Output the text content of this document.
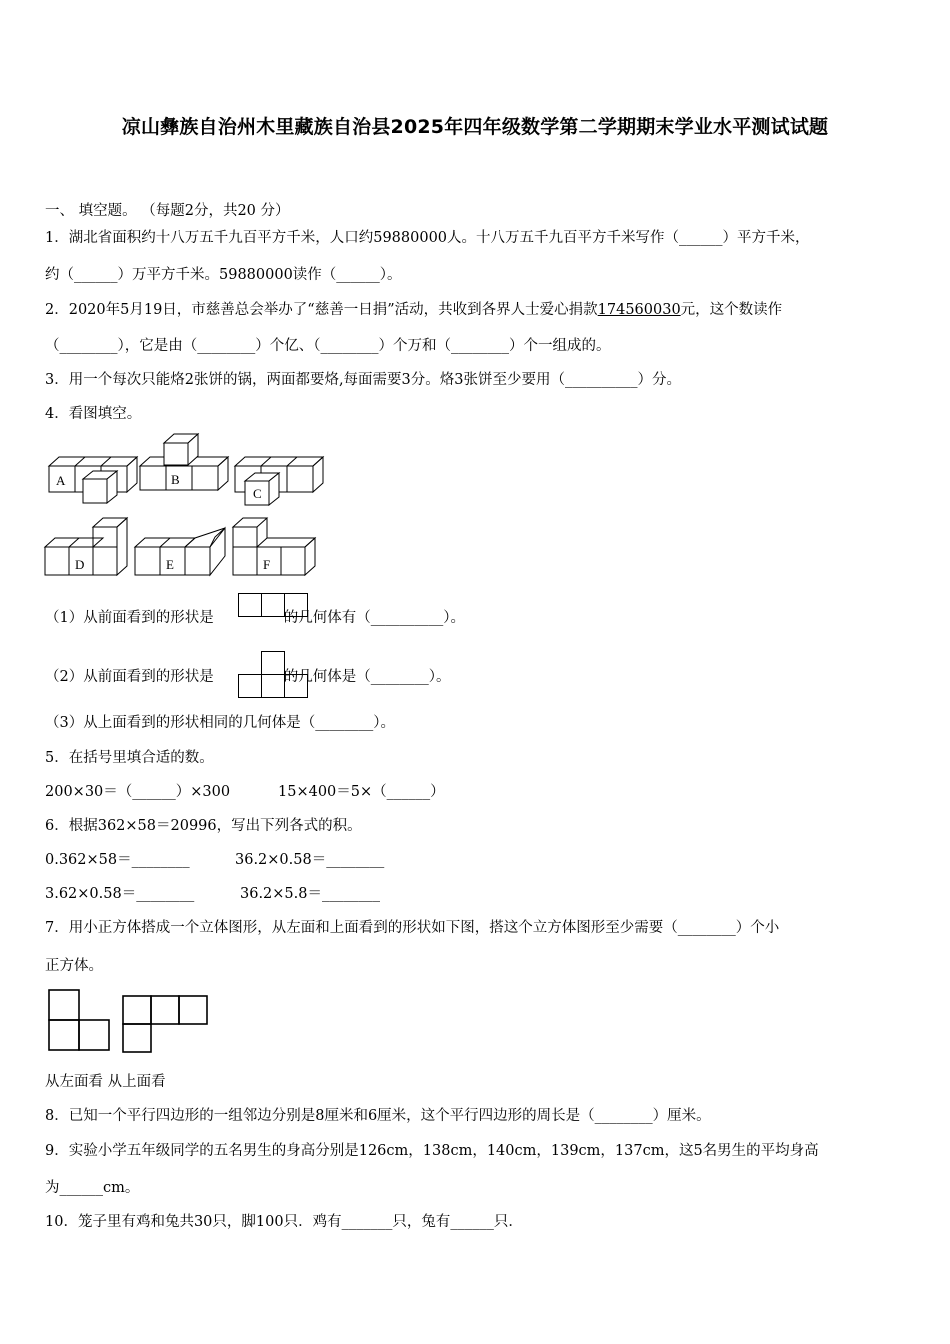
凉山彝族自治州木里藏族自治县2025年四年级数学第二学期期末学业水平测试试题
一、 填空题。 （每题2分，共20 分）
1．湖北省面积约十八万五千九百平方千米，人口约59880000人。十八万五千九百平方千米写作（______）平方千米，
约（______）万平方千米。59880000读作（______）。
2．2020年5月19日，市慈善总会举办了“慈善一日捐”活动，共收到各界人士爱心捐款174560030元，这个数读作
（________），它是由（________）个亿、（________）个万和（________）个一组成的。
3．用一个每次只能烙2张饼的锅，两面都要烙,每面需要3分。烙3张饼至少要用（__________）分。
4．看图填空。
A	B
C
D	E	F
（1）从前面看到的形状是	的几何体有（__________）。
（2）从前面看到的形状是	的几何体是（________）。
（3）从上面看到的形状相同的几何体是（________）。
5．在括号里填合适的数。
200×30＝（______）×300	15×400＝5×（______）
6．根据362×58＝20996，写出下列各式的积。
0.362×58＝________	36.2×0.58＝________
3.62×0.58＝________	36.2×5.8＝________
7．用小正方体搭成一个立体图形，从左面和上面看到的形状如下图，搭这个立方体图形至少需要（________）个小
正方体。
从左面看 从上面看
8．已知一个平行四边形的一组邻边分别是8厘米和6厘米，这个平行四边形的周长是（________）厘米。
9．实验小学五年级同学的五名男生的身高分别是126cm，138cm，140cm，139cm，137cm，这5名男生的平均身高
为______cm。
10．笼子里有鸡和兔共30只，脚100只．鸡有_______只，兔有______只．
